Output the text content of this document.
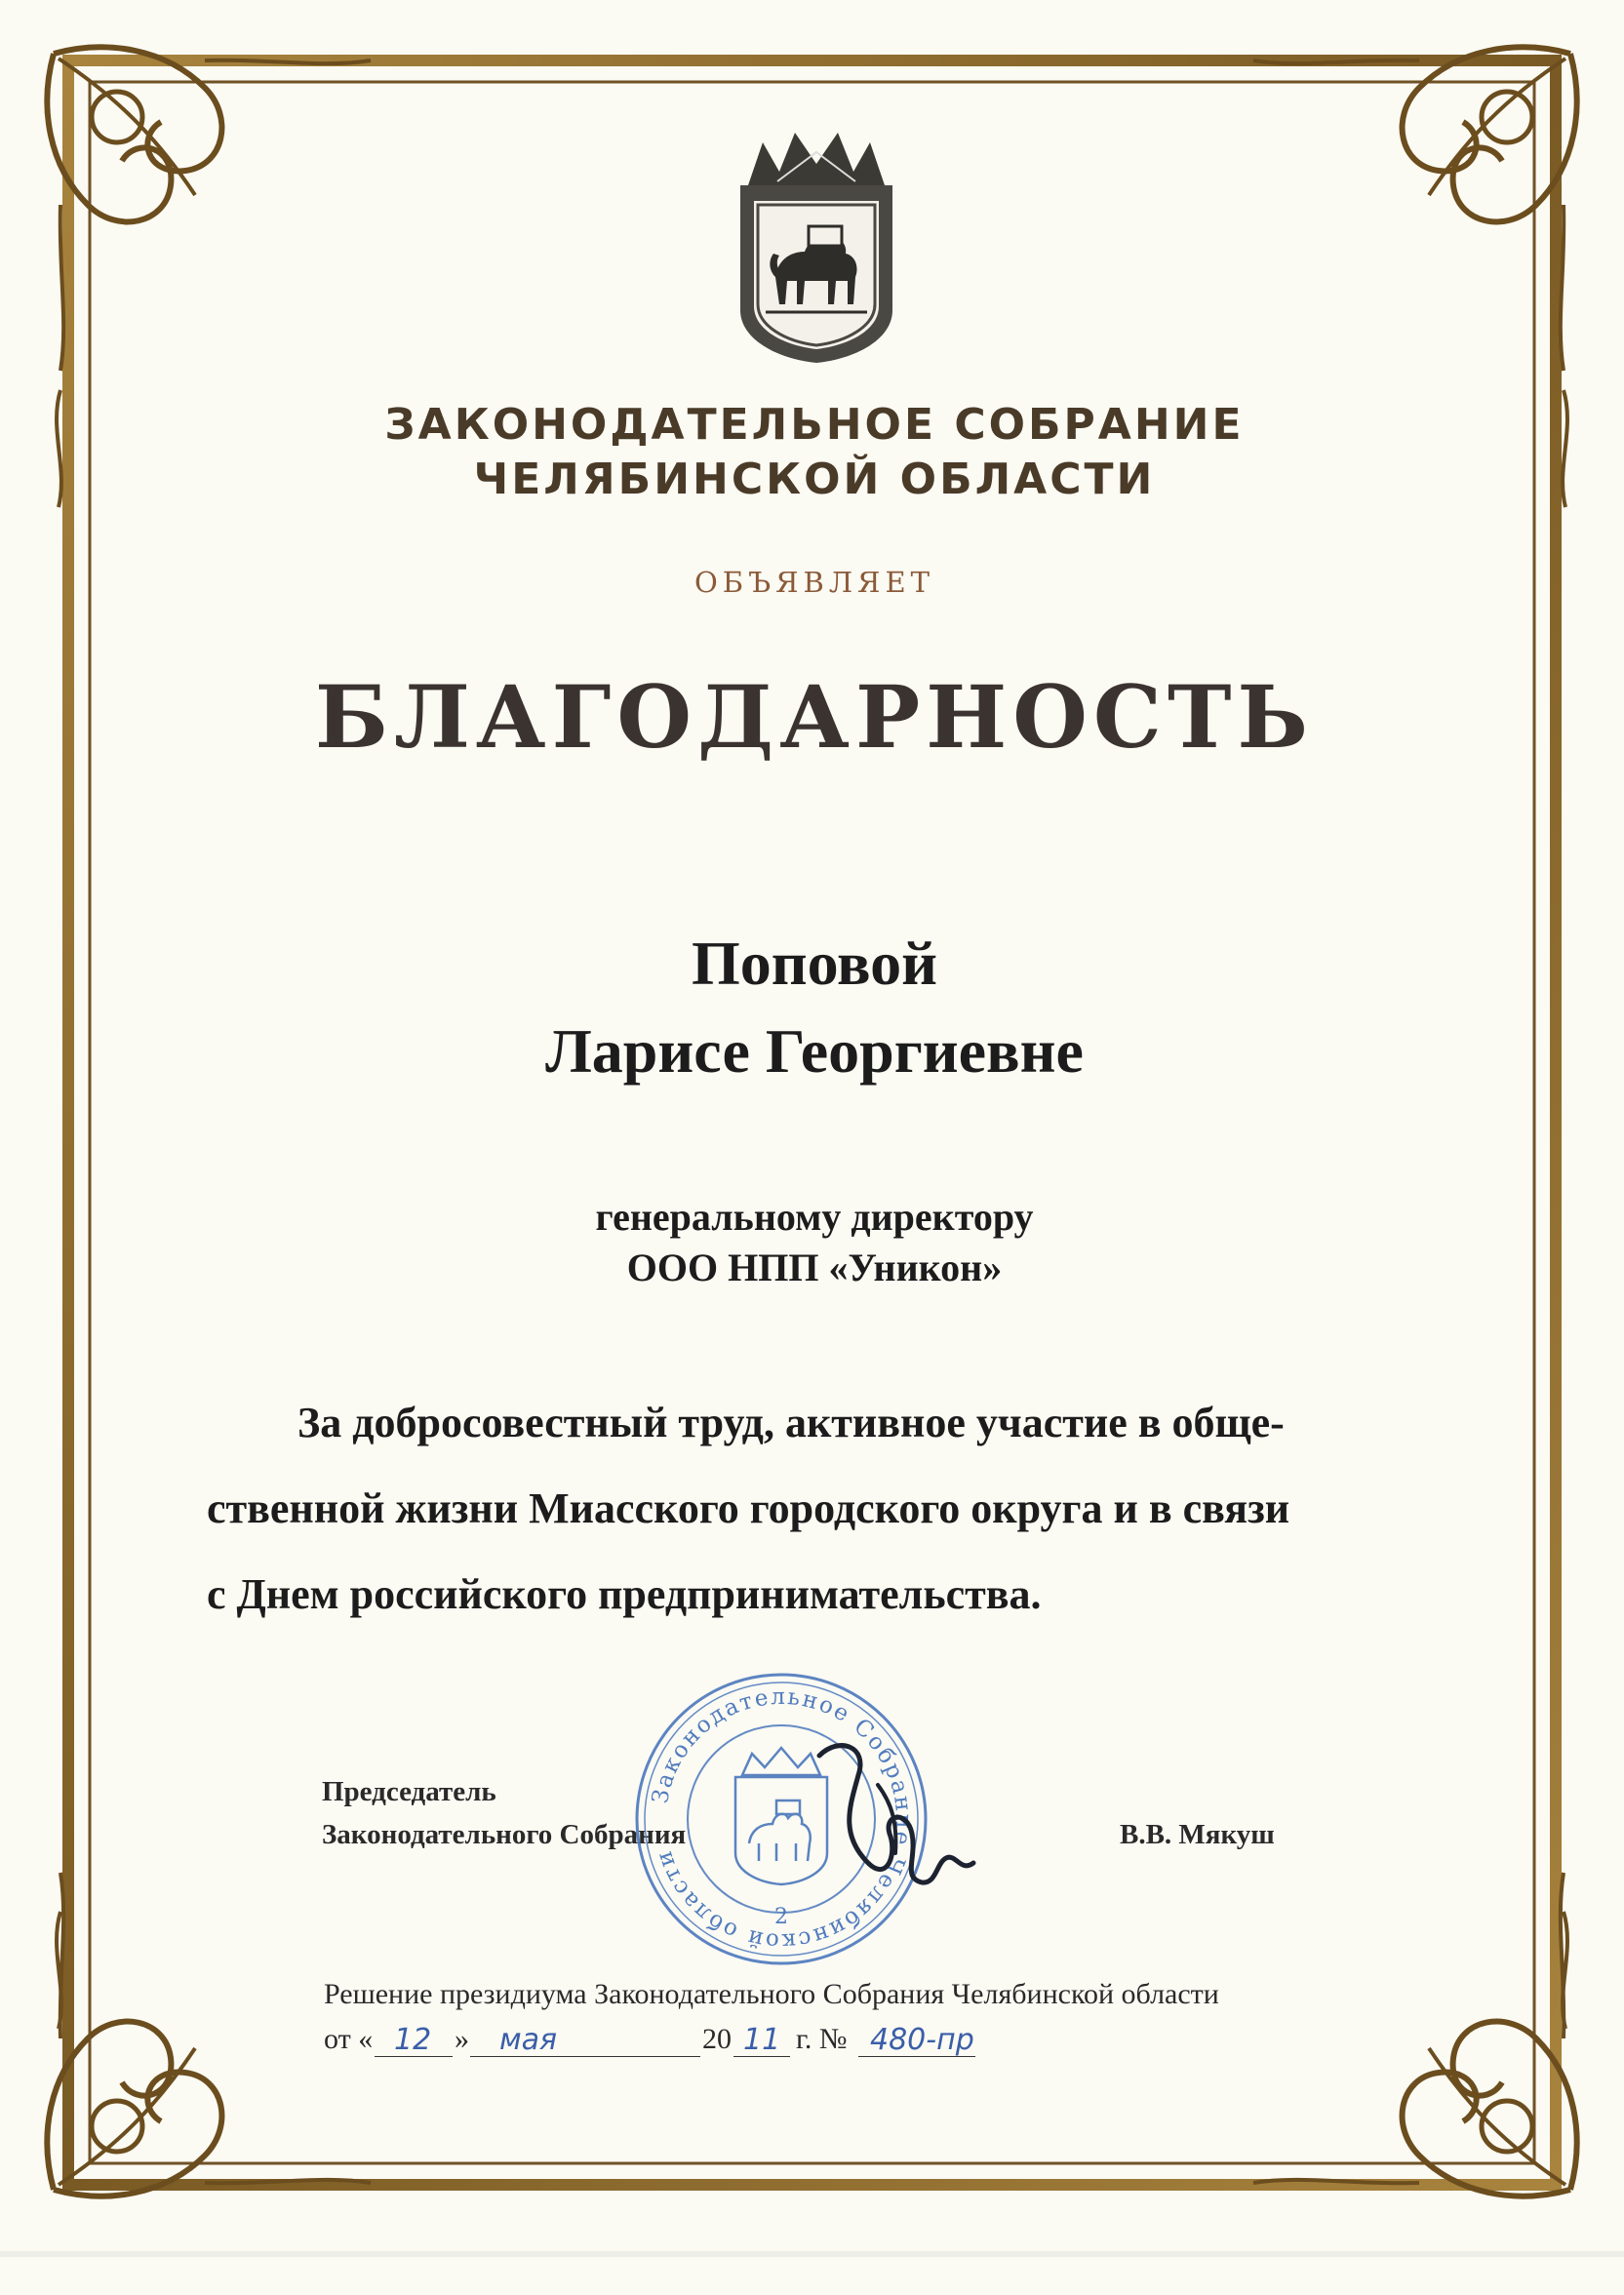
ЗАКОНОДАТЕЛЬНОЕ СОБРАНИЕ
ЧЕЛЯБИНСКОЙ ОБЛАСТИ
ОБЪЯВЛЯЕТ
БЛАГОДАРНОСТЬ
Поповой
Ларисе Георгиевне
генеральному директору
ООО НПП «Уникон»
За добросовестный труд, активное участие в обще-
ственной жизни Миасского городского округа и в связи
с Днем российского предпринимательства.
Председатель
Законодательного Собрания	В.В. Мякуш
Законодательное Собрание Челябинской области
2
Решение президиума Законодательного Собрания Челябинской области
от « 12 » мая	20 11 г. № 480-пр
